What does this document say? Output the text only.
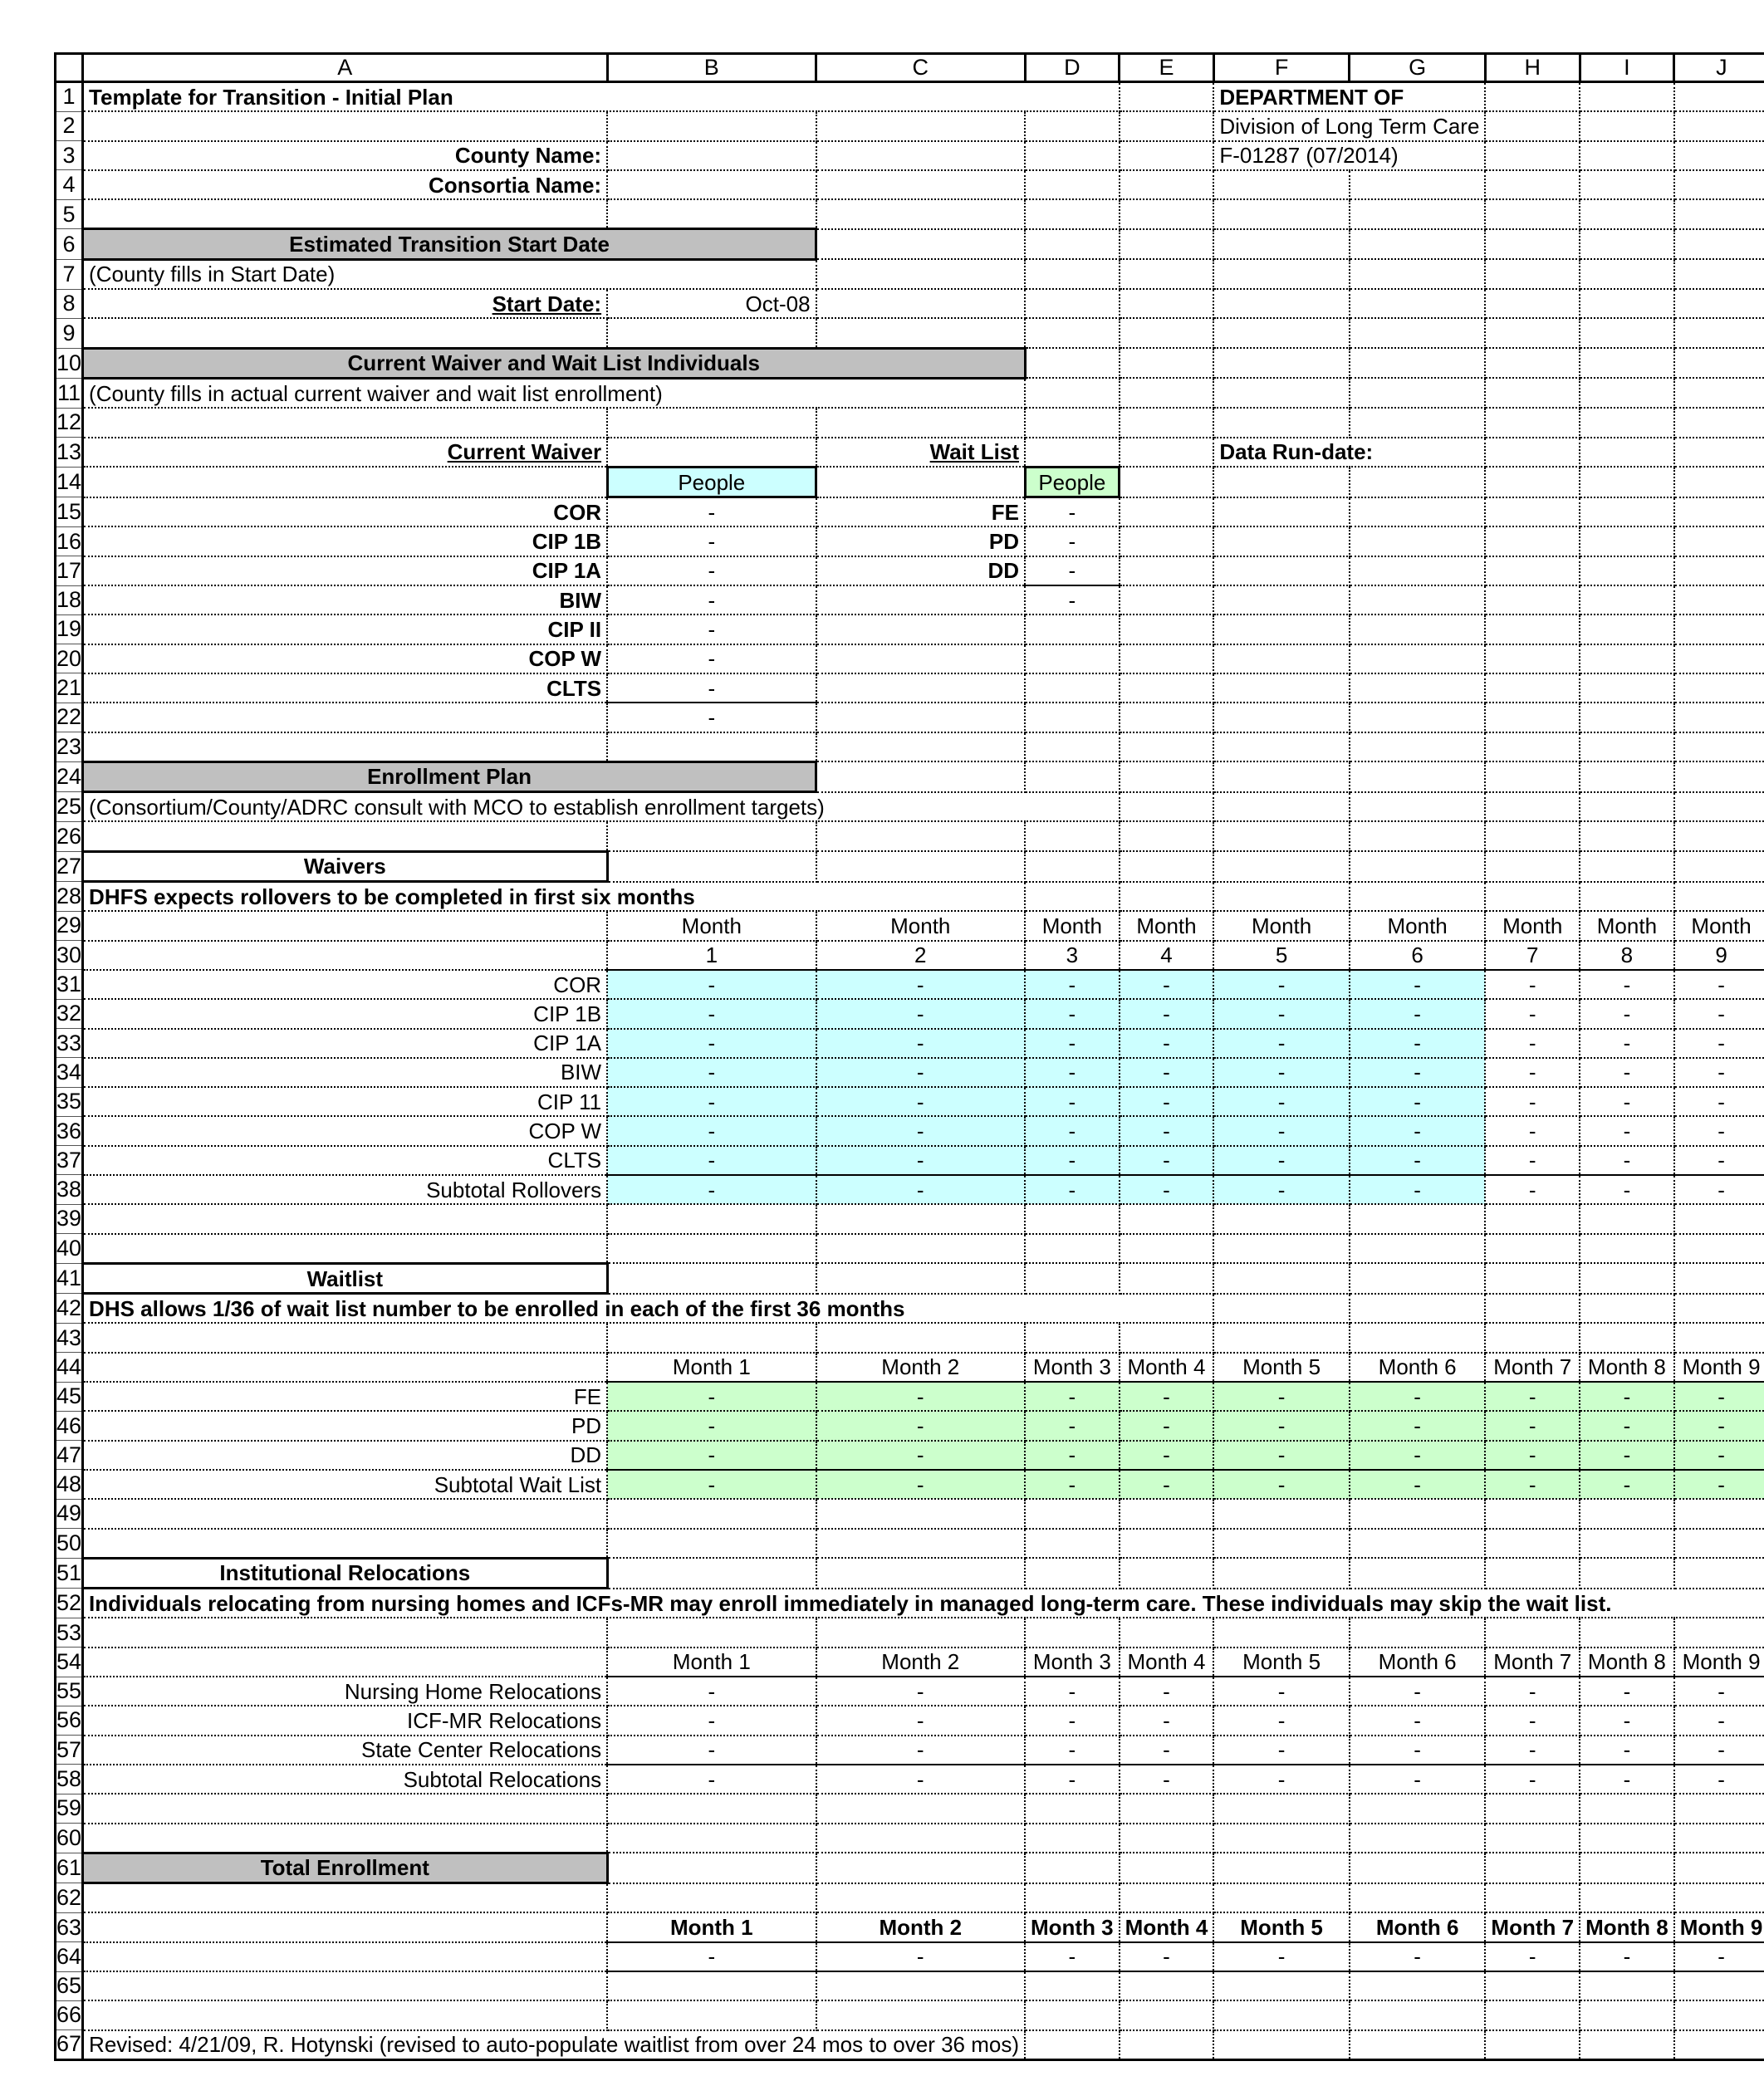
	A	B	C	D	E	F	G	H	I	J
1	Template for Transition - Initial Plan					DEPARTMENT OF				
2						Division of Long Term Care				
3	County Name:					F-01287 (07/2014)				
4	Consortia Name:									
5										
6	Estimated Transition Start Date									
7	(County fills in Start Date)									
8	Start Date:	Oct-08								
9										
10	Current Waiver and Wait List Individuals									
11	(County fills in actual current waiver and wait list enrollment)									
12										
13	Current Waiver		Wait List			Data Run-date:				
14		People		People						
15	COR	-	FE	-						
16	CIP 1B	-	PD	-						
17	CIP 1A	-	DD	-						
18	BIW	-		-						
19	CIP II	-								
20	COP W	-								
21	CLTS	-								
22		-								
23										
24	Enrollment Plan									
25	(Consortium/County/ADRC consult with MCO to establish enrollment targets)									
26										
27	Waivers									
28	DHFS expects rollovers to be completed in first six months									
29		Month	Month	Month	Month	Month	Month	Month	Month	Month
30		1	2	3	4	5	6	7	8	9
31	COR	-	-	-	-	-	-	-	-	-
32	CIP 1B	-	-	-	-	-	-	-	-	-
33	CIP 1A	-	-	-	-	-	-	-	-	-
34	BIW	-	-	-	-	-	-	-	-	-
35	CIP 11	-	-	-	-	-	-	-	-	-
36	COP W	-	-	-	-	-	-	-	-	-
37	CLTS	-	-	-	-	-	-	-	-	-
38	Subtotal Rollovers	-	-	-	-	-	-	-	-	-
39										
40										
41	Waitlist									
42	DHS allows 1/36 of wait list number to be enrolled in each of the first 36 months									
43										
44		Month 1	Month 2	Month 3	Month 4	Month 5	Month 6	Month 7	Month 8	Month 9
45	FE	-	-	-	-	-	-	-	-	-
46	PD	-	-	-	-	-	-	-	-	-
47	DD	-	-	-	-	-	-	-	-	-
48	Subtotal Wait List	-	-	-	-	-	-	-	-	-
49										
50										
51	Institutional Relocations									
52	Individuals relocating from nursing homes and ICFs-MR may enroll immediately in managed long-term care. These individuals may skip the wait list.									
53										
54		Month 1	Month 2	Month 3	Month 4	Month 5	Month 6	Month 7	Month 8	Month 9
55	Nursing Home Relocations	-	-	-	-	-	-	-	-	-
56	ICF-MR Relocations	-	-	-	-	-	-	-	-	-
57	State Center Relocations	-	-	-	-	-	-	-	-	-
58	Subtotal Relocations	-	-	-	-	-	-	-	-	-
59										
60										
61	Total Enrollment									
62										
63		Month 1	Month 2	Month 3	Month 4	Month 5	Month 6	Month 7	Month 8	Month 9
64		-	-	-	-	-	-	-	-	-
65										
66										
67	Revised: 4/21/09, R. Hotynski (revised to auto-populate waitlist from over 24 mos to over 36 mos)									
